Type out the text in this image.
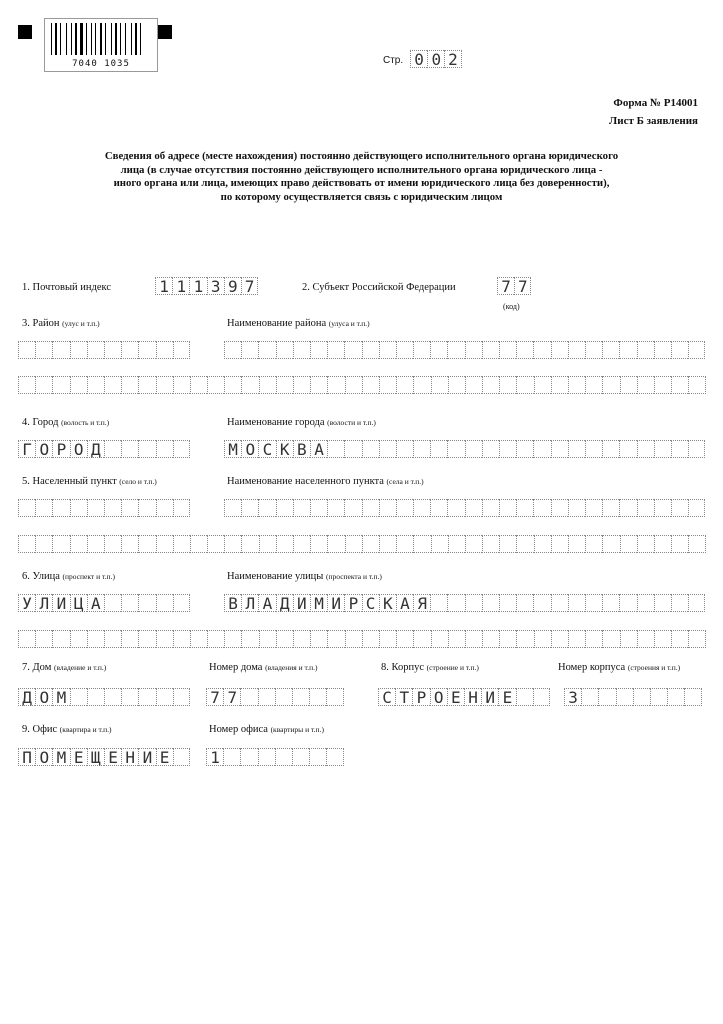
7040 1035	Стр. 0 0 2
Форма № Р14001
Лист Б заявления
Сведения об адресе (месте нахождения) постоянно действующего исполнительного органа юридического
лица (в случае отсутствия постоянно действующего исполнительного органа юридического лица -
иного органа или лица, имеющих право действовать от имени юридического лица без доверенности),
по которому осуществляется связь с юридическим лицом
1. Почтовый индекс	1 1 1 3 9 7	2. Субъект Российской Федерации	7 7
(код)
3. Район (улус и т.п.)	Наименование района (улуса и т.п.)
4. Город (волость и т.п.)	Наименование города (волости и т.п.)
Г О Р О Д	М О С К В А
5. Населенный пункт (село и т.п.)	Наименование населенного пункта (села и т.п.)
6. Улица (проспект и т.п.)	Наименование улицы (проспекта и т.п.)
У Л И Ц А	В Л А Д И М И Р С К А Я
7. Дом (владение и т.п.)	Номер дома (владения и т.п.)	8. Корпус (строение и т.п.)	Номер корпуса (строения и т.п.)
Д О М	7 7	С Т Р О Е Н И Е	3
9. Офис (квартира и т.п.)	Номер офиса (квартиры и т.п.)
П О М Е Щ Е Н И Е	1
